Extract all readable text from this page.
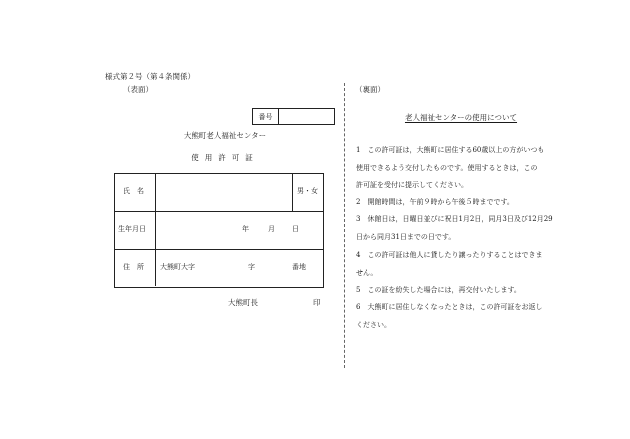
様式第２号（第４条関係）
（表面）	（裏面）
番号
大熊町老人福祉センター
使用許可証
氏　名	男・女
生年月日	年	月 日
住　所 大熊町大字	字	番地
大熊町長	印
老人福祉センターの使用について
1　この許可証は，大熊町に居住する60歳以上の方がいつも
使用できるよう交付したものです。使用するときは，この
許可証を受付に提示してください。
2　開館時間は，午前９時から午後５時までです。
3　休館日は，日曜日並びに祝日1月2日，同月3日及び12月29
日から同月31日までの日です。
4　この許可証は他人に貸したり譲ったりすることはできま
せん。
5　この証を紛失した場合には，再交付いたします。
6　大熊町に居住しなくなったときは，この許可証をお返し
ください。
